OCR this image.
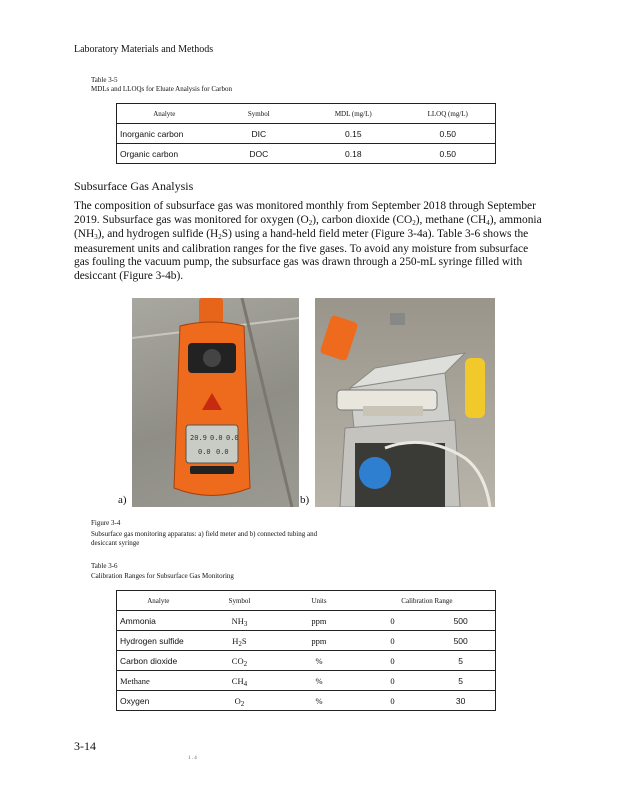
Laboratory Materials and Methods
Table 3-5
MDLs and LLOQs for Eluate Analysis for Carbon
Analyte	Symbol	MDL (mg/L)	LLOQ (mg/L)
Inorganic carbon	DIC	0.15	0.50
Organic carbon	DOC	0.18	0.50
Subsurface Gas Analysis
The composition of subsurface gas was monitored monthly from September 2018 through September 2019. Subsurface gas was monitored for oxygen (O2), carbon dioxide (CO2), methane (CH4), ammonia (NH3), and hydrogen sulfide (H2S) using a hand-held field meter (Figure 3-4a). Table 3-6 shows the measurement units and calibration ranges for the five gases. To avoid any moisture from subsurface gas fouling the vacuum pump, the subsurface gas was drawn through a 250-mL syringe filled with desiccant (Figure 3-4b).
20.9 0.0 0.0
0.0 0.0
a)	b)
Figure 3-4
Subsurface gas monitoring apparatus: a) field meter and b) connected tubing and desiccant syringe
Table 3-6
Calibration Ranges for Subsurface Gas Monitoring
Analyte	Symbol	Units	Calibration Range	
Ammonia	$NH_3$	ppm	0	500
Hydrogen sulfide	$H_2S$	ppm	0	500
Carbon dioxide	$CO_2$	%	0	5
Methane	$CH_4$	%	0	5
Oxygen	$O_2$	%	0	30
3-14
1 . 4
